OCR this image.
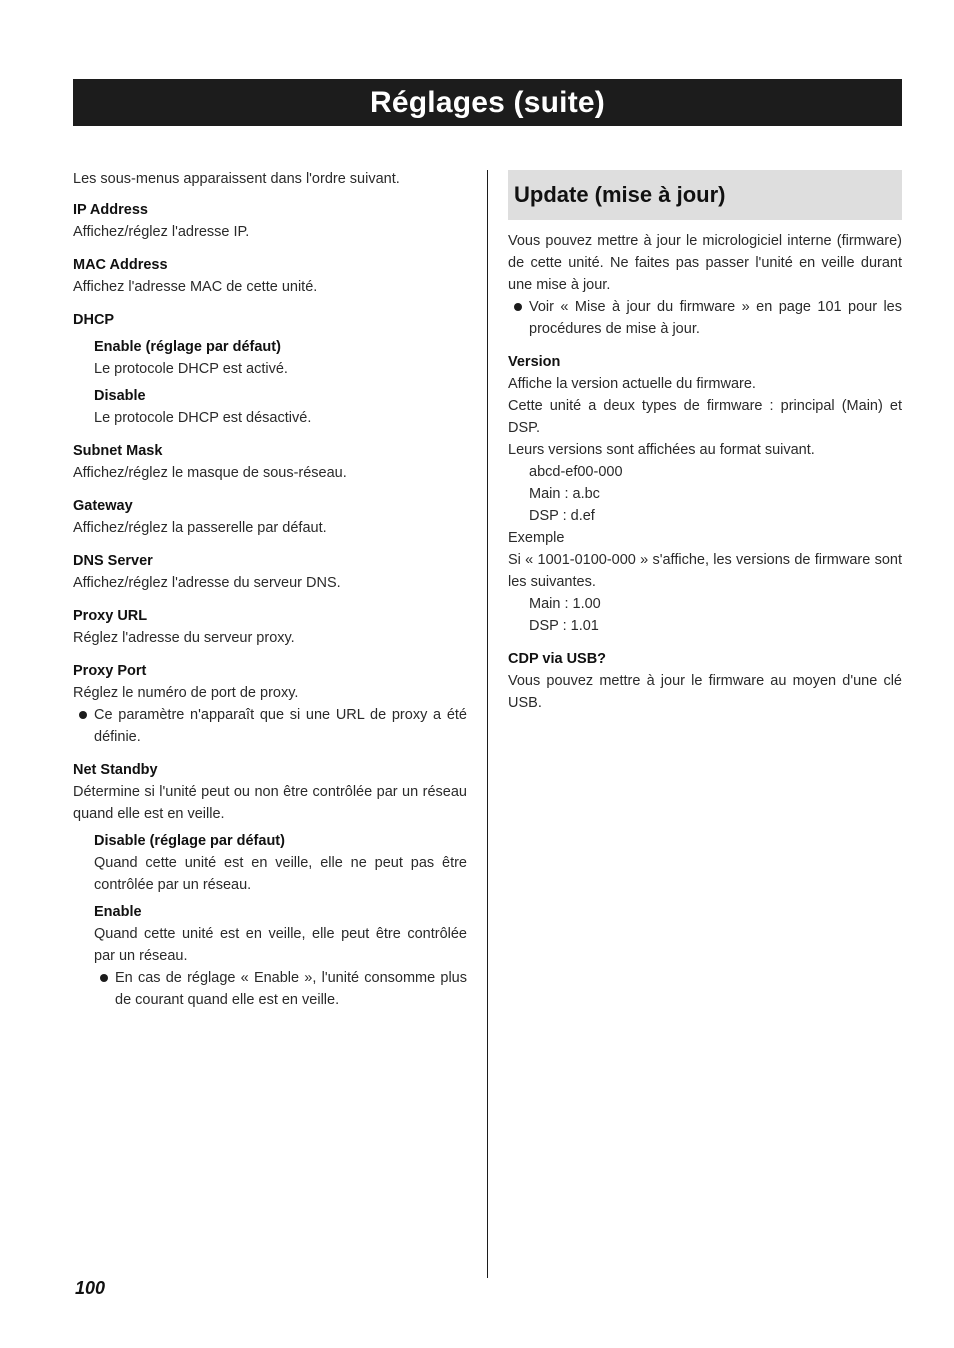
Réglages (suite)

Les sous-menus apparaissent dans l'ordre suivant.

IP Address

Affichez/réglez l'adresse IP.

MAC Address

Affichez l'adresse MAC de cette unité.

DHCP

Enable (réglage par défaut)

Le protocole DHCP est activé.

Disable

Le protocole DHCP est désactivé.

Subnet Mask

Affichez/réglez le masque de sous-réseau.

Gateway

Affichez/réglez la passerelle par défaut.

DNS Server

Affichez/réglez l'adresse du serveur DNS.

Proxy URL

Réglez l'adresse du serveur proxy.

Proxy Port

Réglez le numéro de port de proxy.

Ce paramètre n'apparaît que si une URL de proxy a été définie.

Net Standby

Détermine si l'unité peut ou non être contrôlée par un réseau quand elle est en veille.

Disable (réglage par défaut)

Quand cette unité est en veille, elle ne peut pas être contrôlée par un réseau.

Enable

Quand cette unité est en veille, elle peut être contrôlée par un réseau.

En cas de réglage « Enable », l'unité consomme plus de courant quand elle est en veille.

Update (mise à jour)

Vous pouvez mettre à jour le micrologiciel interne (firmware) de cette unité. Ne faites pas passer l'unité en veille durant une mise à jour.

Voir « Mise à jour du firmware » en page 101 pour les procédures de mise à jour.

Version

Affiche la version actuelle du firmware.

Cette unité a deux types de firmware : principal (Main) et DSP.

Leurs versions sont affichées au format suivant.

abcd-ef00-000

Main : a.bc

DSP : d.ef

Exemple

Si « 1001-0100-000 » s'affiche, les versions de firmware sont les suivantes.

Main : 1.00

DSP : 1.01

CDP via USB?

Vous pouvez mettre à jour le firmware au moyen d'une clé USB.

100
